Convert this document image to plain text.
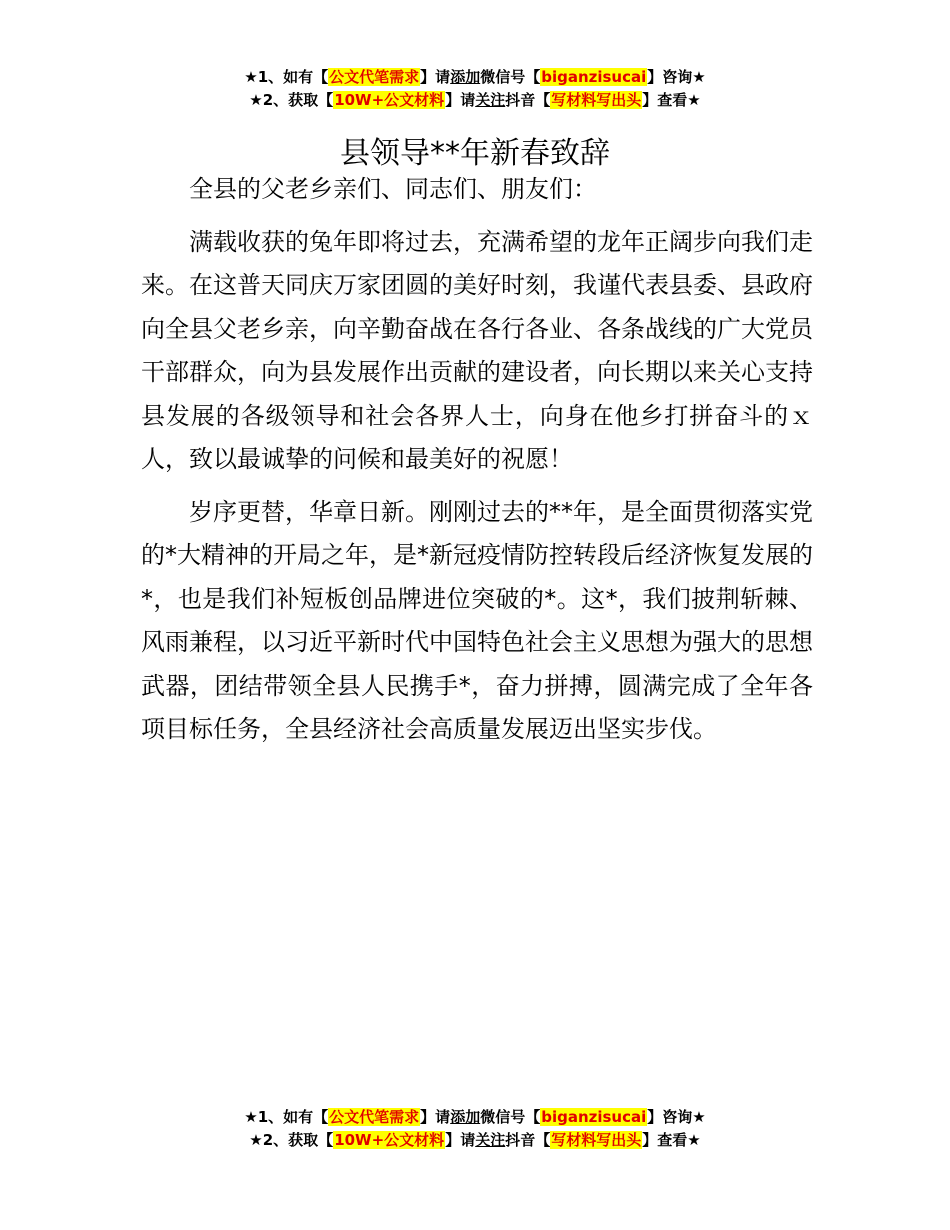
★1、如有【公文代笔需求】请添加微信号【biganzisucai】咨询★
★2、获取【10W+公文材料】请关注抖音【写材料写出头】查看★
县领导**年新春致辞

全县的父老乡亲们、同志们、朋友们：

满载收获的兔年即将过去，充满希望的龙年正阔步向我们走来。在这普天同庆万家团圆的美好时刻，我谨代表县委、县政府向全县父老乡亲，向辛勤奋战在各行各业、各条战线的广大党员干部群众，向为县发展作出贡献的建设者，向长期以来关心支持县发展的各级领导和社会各界人士，向身在他乡打拼奋斗的ｘ人，致以最诚挚的问候和最美好的祝愿！

岁序更替，华章日新。刚刚过去的**年，是全面贯彻落实党的*大精神的开局之年，是*新冠疫情防控转段后经济恢复发展的*，也是我们补短板创品牌进位突破的*。这*，我们披荆斩棘、风雨兼程，以习近平新时代中国特色社会主义思想为强大的思想武器，团结带领全县人民携手*，奋力拼搏，圆满完成了全年各项目标任务，全县经济社会高质量发展迈出坚实步伐。

★1、如有【公文代笔需求】请添加微信号【biganzisucai】咨询★
★2、获取【10W+公文材料】请关注抖音【写材料写出头】查看★
